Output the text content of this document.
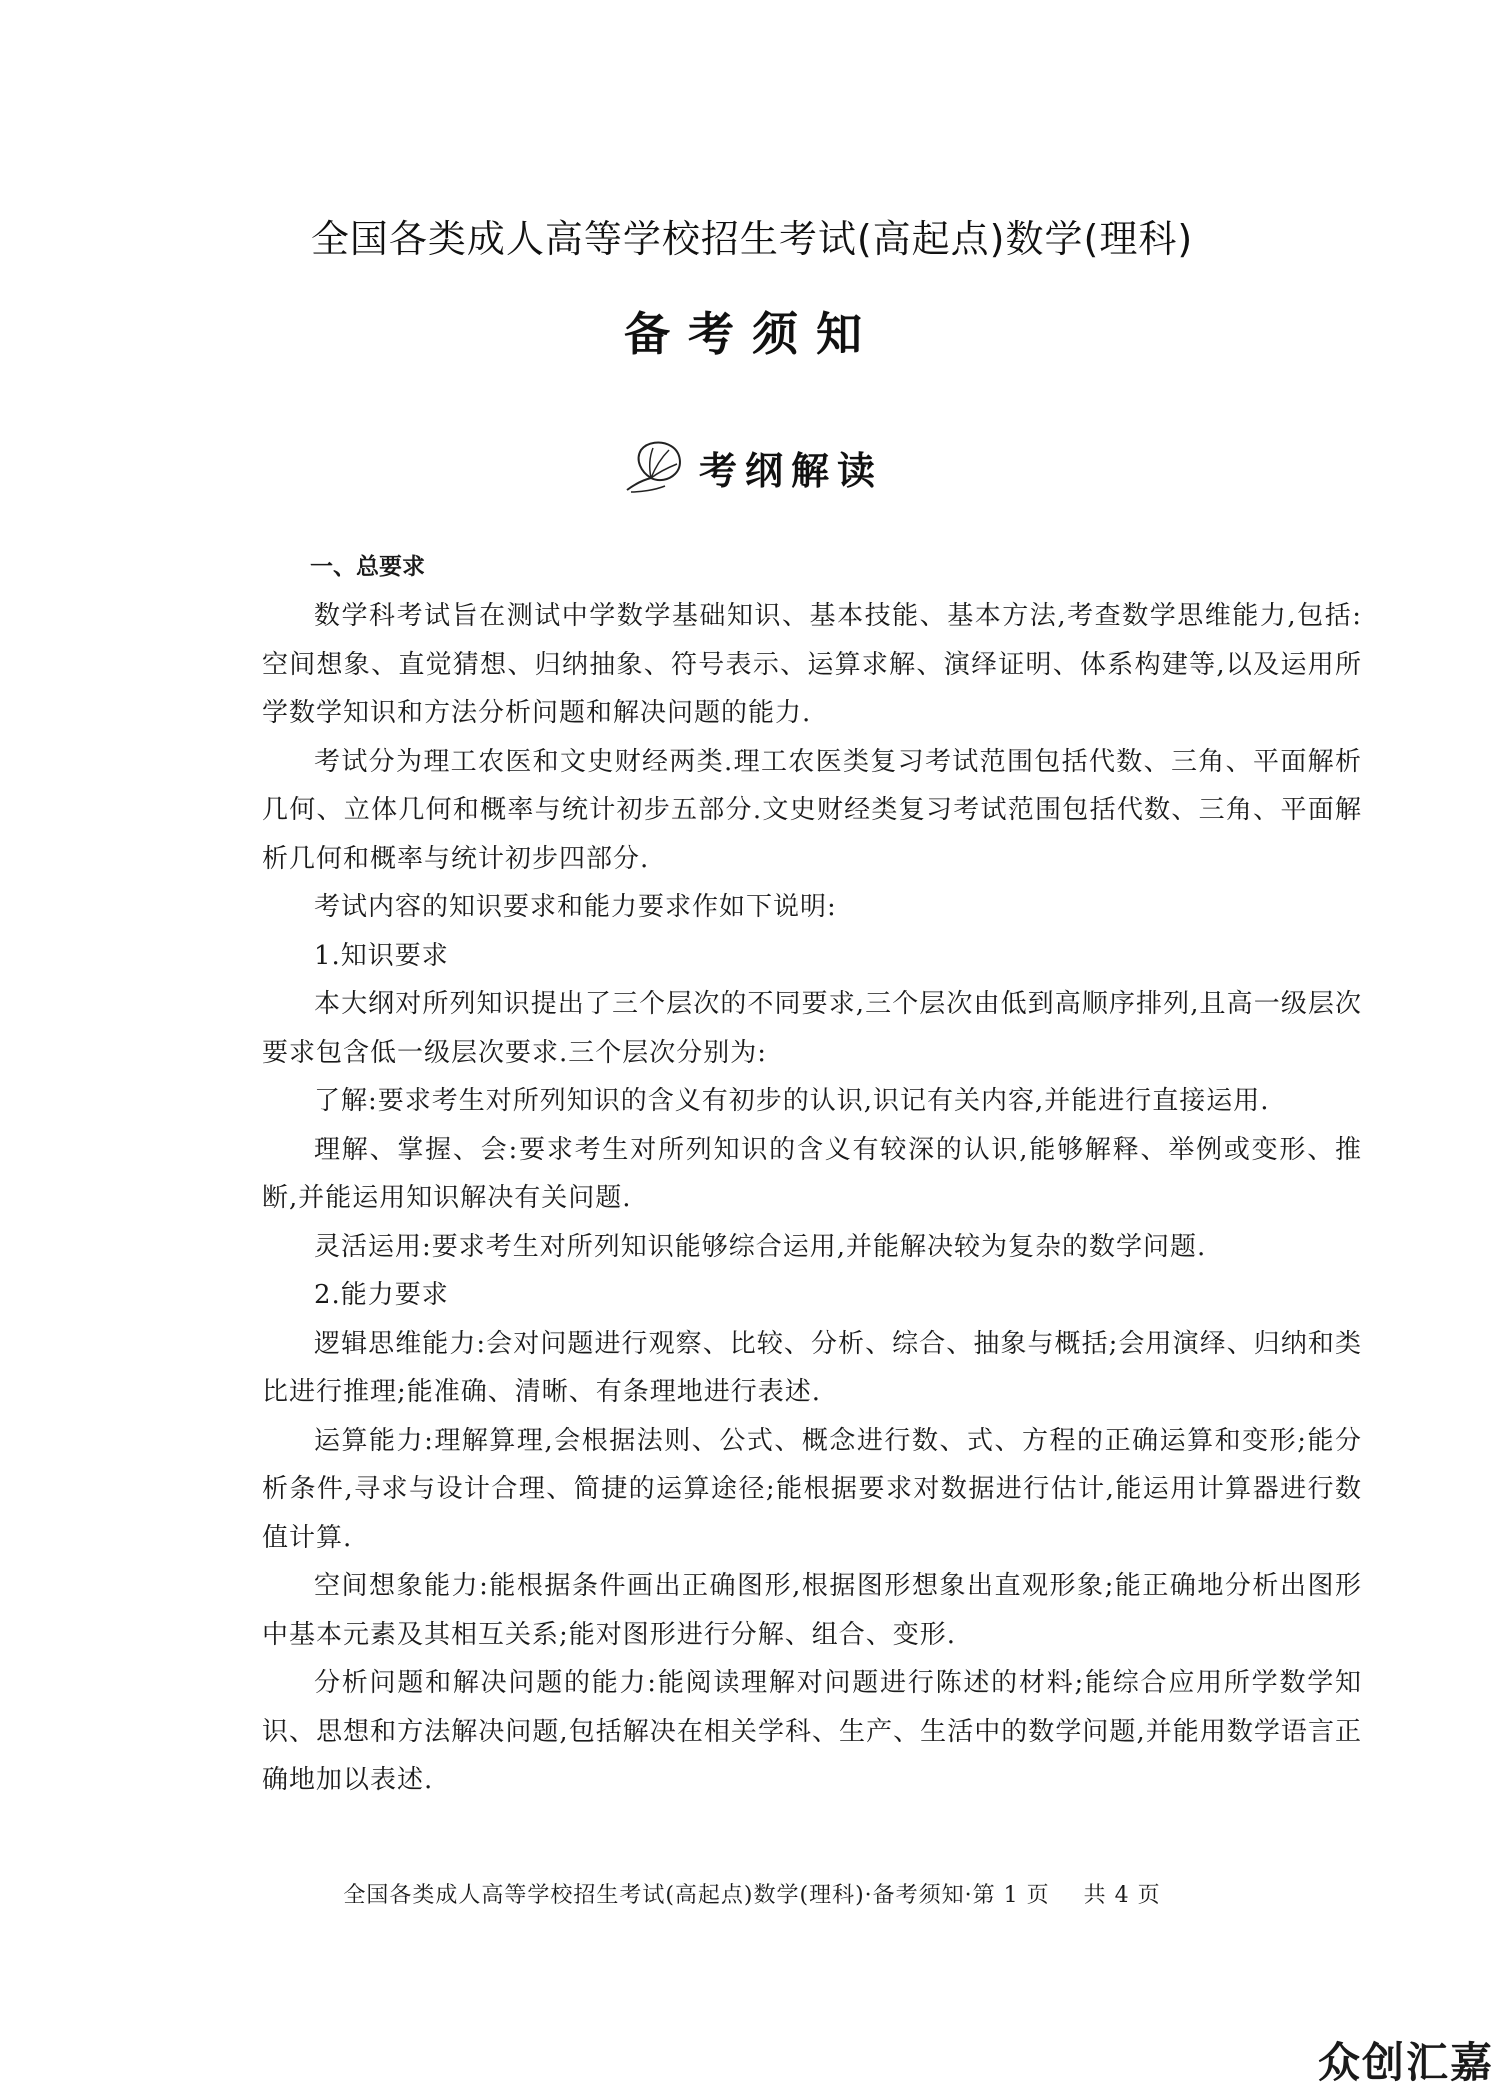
全国各类成人高等学校招生考试(高起点)数学(理科)
备考须知
考纲解读
一、总要求

数学科考试旨在测试中学数学基础知识、基本技能、基本方法,考查数学思维能力,包括:空间想象、直觉猜想、归纳抽象、符号表示、运算求解、演绎证明、体系构建等,以及运用所学数学知识和方法分析问题和解决问题的能力.

考试分为理工农医和文史财经两类.理工农医类复习考试范围包括代数、三角、平面解析几何、立体几何和概率与统计初步五部分.文史财经类复习考试范围包括代数、三角、平面解析几何和概率与统计初步四部分.

考试内容的知识要求和能力要求作如下说明:

1.知识要求

本大纲对所列知识提出了三个层次的不同要求,三个层次由低到高顺序排列,且高一级层次要求包含低一级层次要求.三个层次分别为:

了解:要求考生对所列知识的含义有初步的认识,识记有关内容,并能进行直接运用.

理解、掌握、会:要求考生对所列知识的含义有较深的认识,能够解释、举例或变形、推断,并能运用知识解决有关问题.

灵活运用:要求考生对所列知识能够综合运用,并能解决较为复杂的数学问题.

2.能力要求

逻辑思维能力:会对问题进行观察、比较、分析、综合、抽象与概括;会用演绎、归纳和类比进行推理;能准确、清晰、有条理地进行表述.

运算能力:理解算理,会根据法则、公式、概念进行数、式、方程的正确运算和变形;能分析条件,寻求与设计合理、简捷的运算途径;能根据要求对数据进行估计,能运用计算器进行数值计算.

空间想象能力:能根据条件画出正确图形,根据图形想象出直观形象;能正确地分析出图形中基本元素及其相互关系;能对图形进行分解、组合、变形.

分析问题和解决问题的能力:能阅读理解对问题进行陈述的材料;能综合应用所学数学知识、思想和方法解决问题,包括解决在相关学科、生产、生活中的数学问题,并能用数学语言正确地加以表述.

全国各类成人高等学校招生考试(高起点)数学(理科)·备考须知·第 1 页 共 4 页
众创汇嘉
